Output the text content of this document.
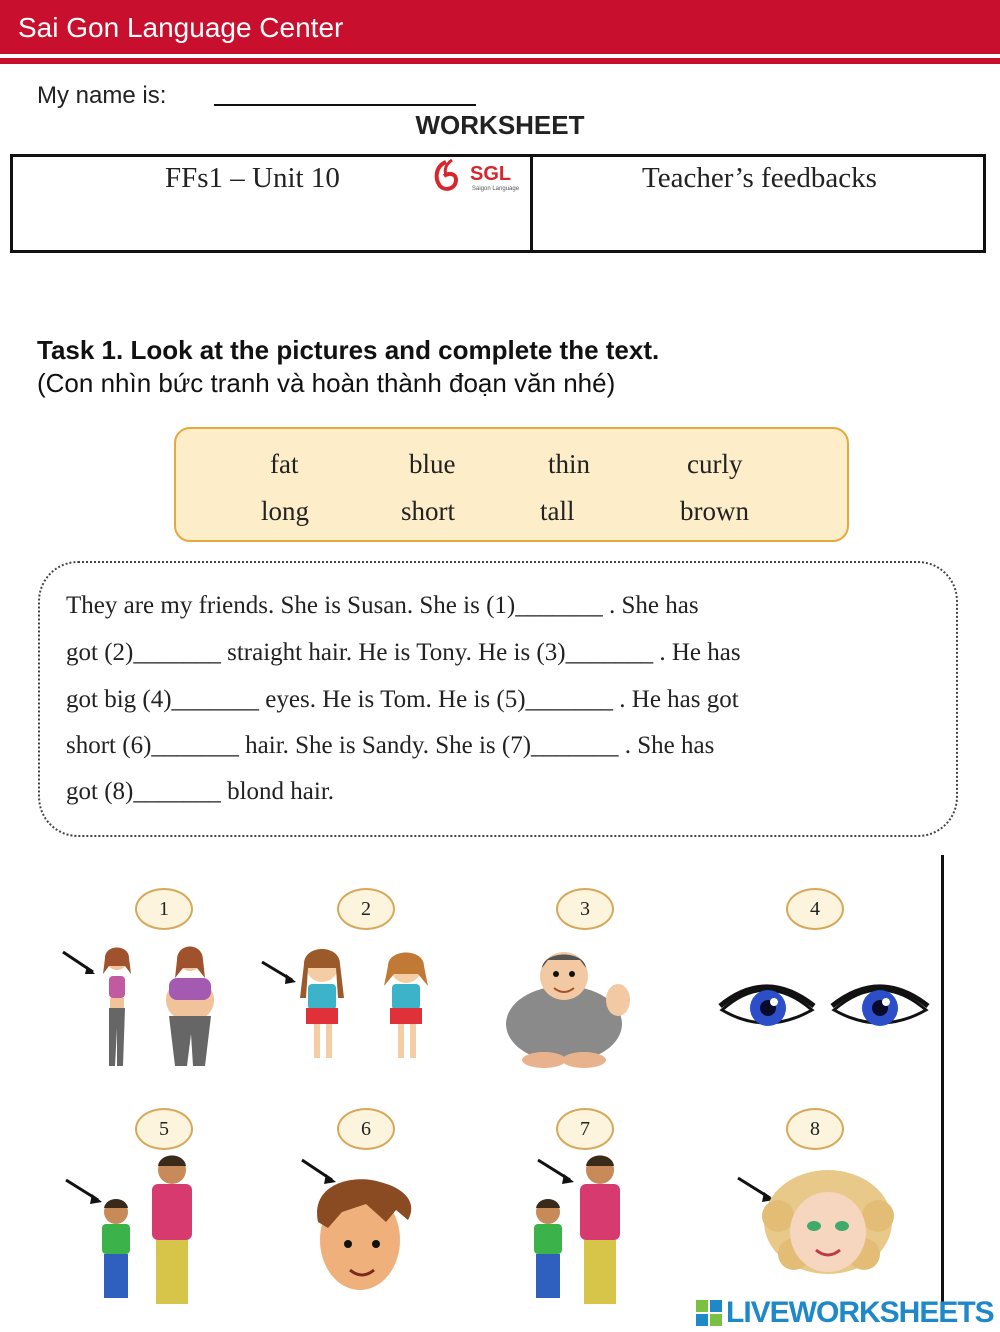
Sai Gon Language Center
My name is:
WORKSHEET
FFs1 – Unit 10	SGL
Saigon Language	Teacher’s feedbacks
Task 1. Look at the pictures and complete the text.
(Con nhìn bức tranh và hoàn thành đoạn văn nhé)
fat	blue	thin	curly
long	short	tall	brown
They are my friends. She is Susan. She is (1)_______ . She has
got (2)_______ straight hair. He is Tony. He is (3)_______ . He has
got big (4)_______ eyes. He is Tom. He is (5)_______ . He has got
short (6)_______ hair. She is Sandy. She is (7)_______ . She has
got (8)_______ blond hair.
1	2	3	4
5	6	7	8
LIVEWORKSHEETS
